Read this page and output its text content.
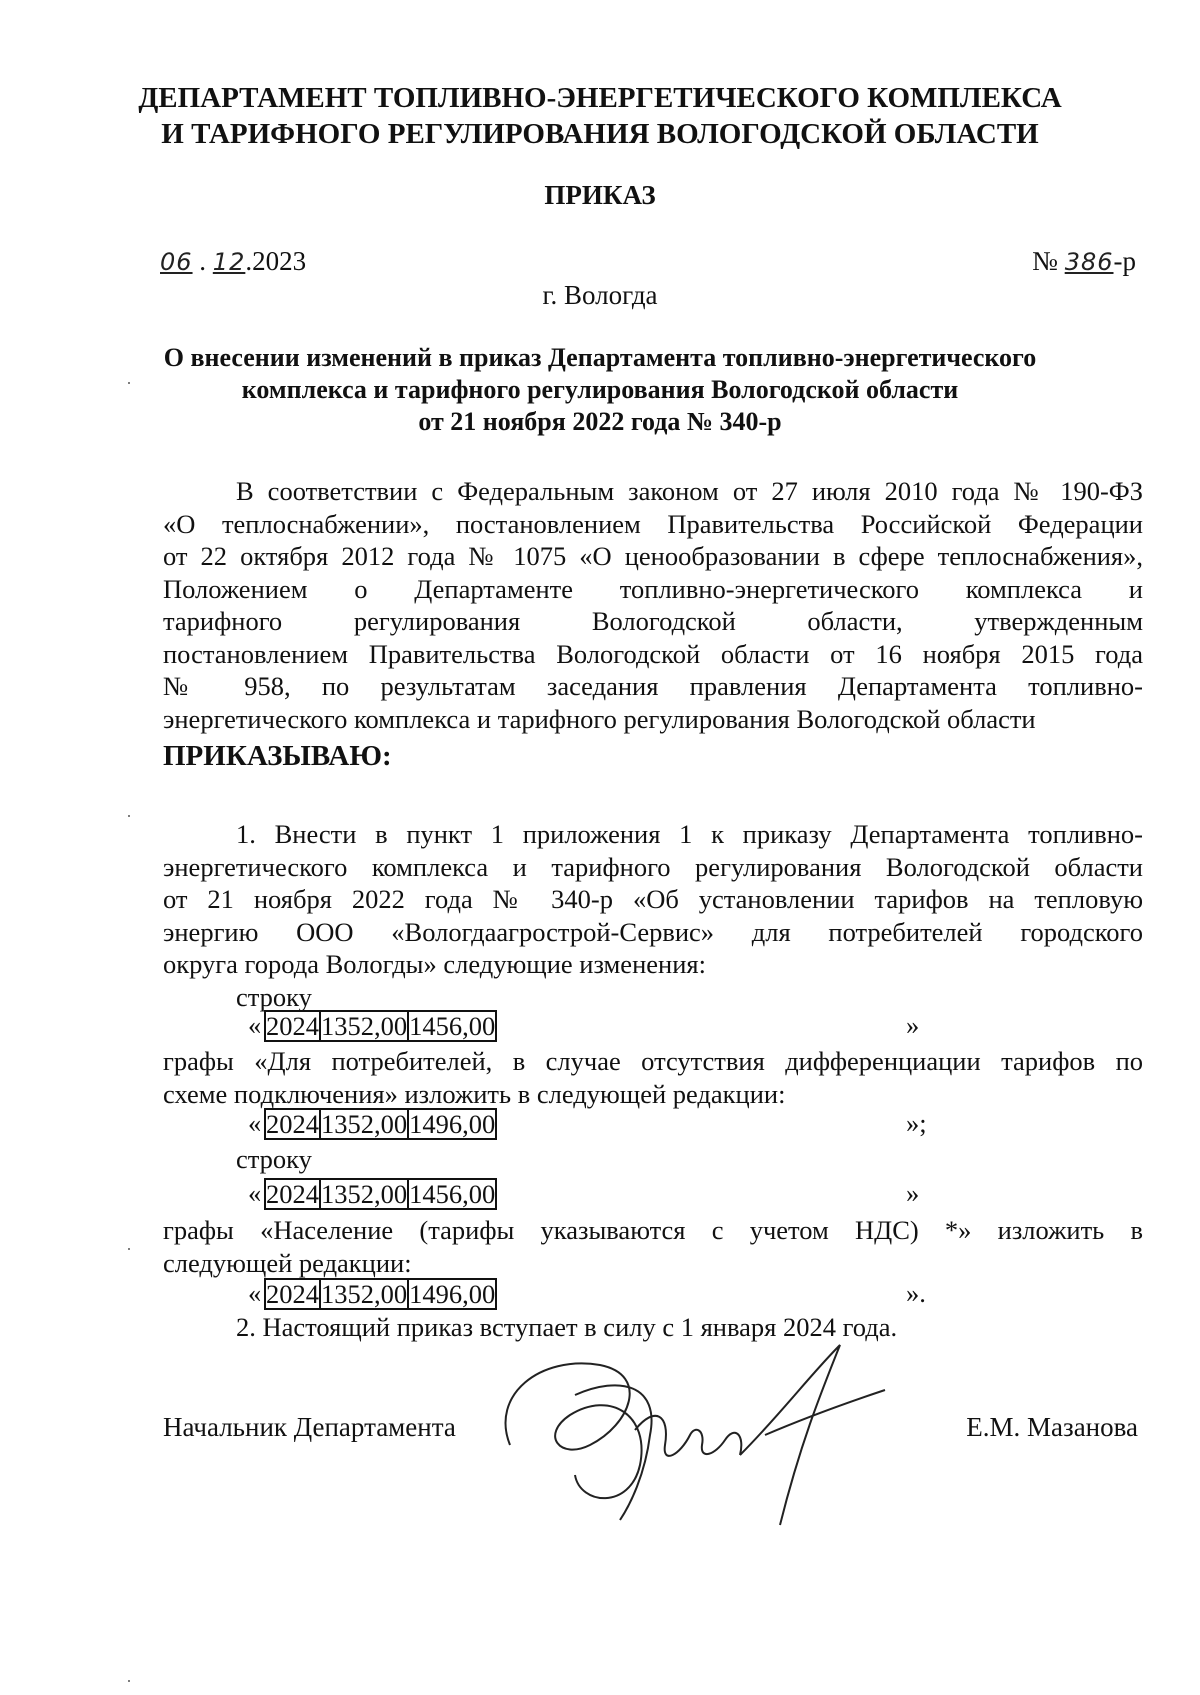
ДЕПАРТАМЕНТ ТОПЛИВНО-ЭНЕРГЕТИЧЕСКОГО КОМПЛЕКСА
И ТАРИФНОГО РЕГУЛИРОВАНИЯ ВОЛОГОДСКОЙ ОБЛАСТИ
ПРИКАЗ
06 . 12.2023	№ 386-р
г. Вологда
О внесении изменений в приказ Департамента топливно-энергетического
комплекса и тарифного регулирования Вологодской области
от 21 ноября 2022 года № 340-р
В соответствии с Федеральным законом от 27 июля 2010 года № 190-ФЗ
«О теплоснабжении», постановлением Правительства Российской Федерации
от 22 октября 2012 года № 1075 «О ценообразовании в сфере теплоснабжения»,
Положением о Департаменте топливно-энергетического комплекса и
тарифного регулирования Вологодской области, утвержденным
постановлением Правительства Вологодской области от 16 ноября 2015 года
№ 958, по результатам заседания правления Департамента топливно-
энергетического комплекса и тарифного регулирования Вологодской области
ПРИКАЗЫВАЮ:
1. Внести в пункт 1 приложения 1 к приказу Департамента топливно-
энергетического комплекса и тарифного регулирования Вологодской области
от 21 ноября 2022 года № 340-р «Об установлении тарифов на тепловую
энергию ООО «Вологдаагрострой-Сервис» для потребителей городского
округа города Вологды» следующие изменения:
строку
« 2024	1352,00	1456,00	»
графы «Для потребителей, в случае отсутствия дифференциации тарифов по
схеме подключения» изложить в следующей редакции:
« 2024	1352,00	1496,00	»;
строку
« 2024	1352,00	1456,00	»
графы «Население (тарифы указываются с учетом НДС) *» изложить в
следующей редакции:
« 2024	1352,00	1496,00	».
2. Настоящий приказ вступает в силу с 1 января 2024 года.
Начальник Департамента	Е.М. Мазанова
